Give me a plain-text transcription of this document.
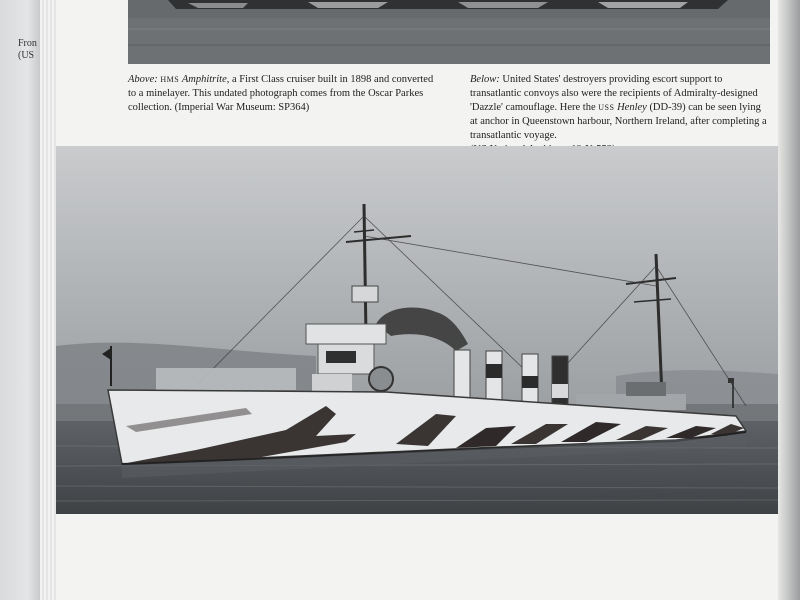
Fron
(US
Above: HMS Amphitrite, a First Class cruiser built in 1898 and converted to a minelayer. This undated photograph comes from the Oscar Parkes collection. (Imperial War Museum: SP364)
Below: United States' destroyers providing escort support to transatlantic convoys also were the recipients of Admiralty-designed 'Dazzle' camouflage. Here the USS Henley (DD-39) can be seen lying at anchor in Queenstown harbour, Northern Ireland, after completing a transatlantic voyage.
